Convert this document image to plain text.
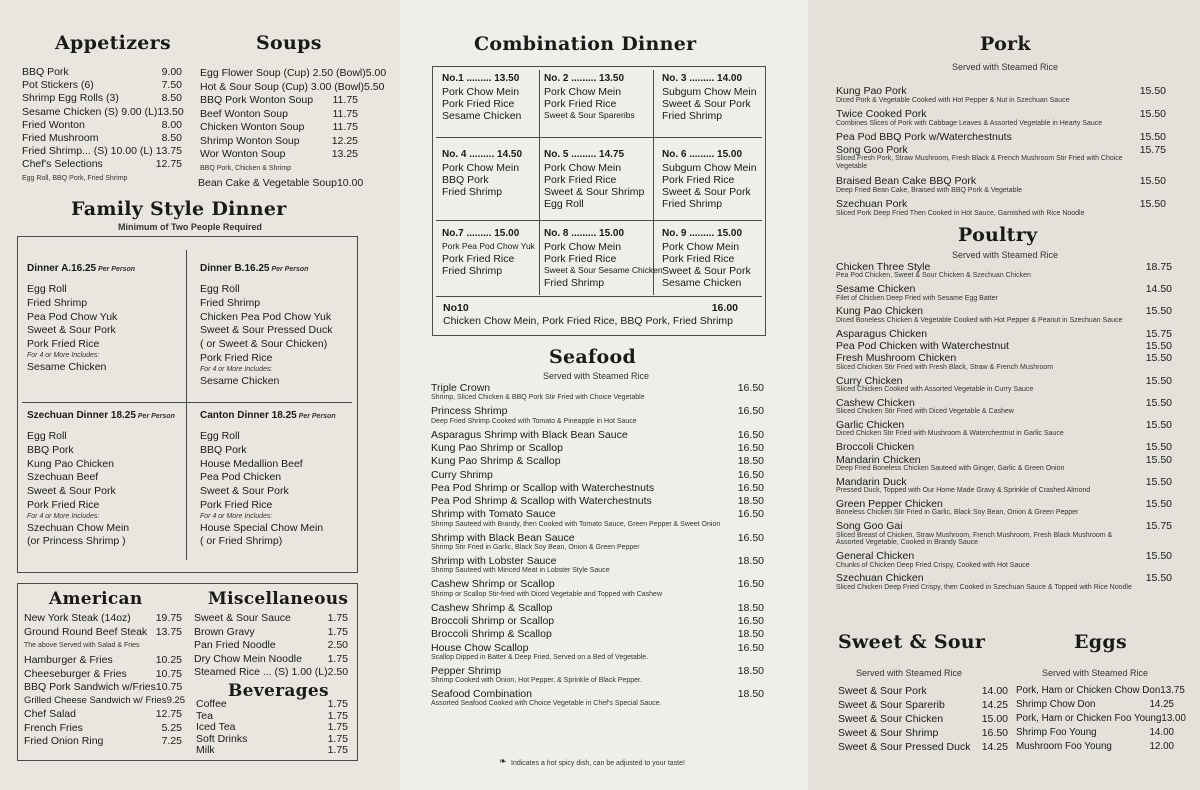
Appetizers	Soups
BBQ Pork	9.00
Pot Stickers (6)	7.50
Shrimp Egg Rolls (3)	8.50
Sesame Chicken (S) 9.00 (L) 13.50
Fried Wonton	8.00
Fried Mushroom	8.50
Fried Shrimp... (S) 10.00 (L) 13.75
Chef's Selections	12.75
Egg Roll, BBQ Pork, Fried Shrimp
Egg Flower Soup (Cup) 2.50 (Bowl) 5.00
Hot & Sour Soup (Cup) 3.00 (Bowl) 5.50
BBQ Pork Wonton Soup 11.75
Beef Wonton Soup	11.75
Chicken Wonton Soup	11.75
Shrimp Wonton Soup	12.25
Wor Wonton Soup	13.25
BBQ Pork, Chicken & Shrimp
Bean Cake & Vegetable Soup 10.00
Family Style Dinner
Minimum of Two People Required
Dinner A.16.25 Per Person
Egg Roll
Fried Shrimp
Pea Pod Chow Yuk
Sweet & Sour Pork
Pork Fried Rice
For 4 or More Includes:
Sesame Chicken
Dinner B.16.25 Per Person
Egg Roll
Fried Shrimp
Chicken Pea Pod Chow Yuk
Sweet & Sour Pressed Duck
( or Sweet & Sour Chicken)
Pork Fried Rice
For 4 or More Includes:
Sesame Chicken
Szechuan Dinner 18.25 Per Person
Egg Roll
BBQ Pork
Kung Pao Chicken
Szechuan Beef
Sweet & Sour Pork
Pork Fried Rice
For 4 or More Includes:
Szechuan Chow Mein
(or Princess Shrimp )
Canton Dinner 18.25 Per Person
Egg Roll
BBQ Pork
House Medallion Beef
Pea Pod Chicken
Sweet & Sour Pork
Pork Fried Rice
For 4 or More Includes:
House Special Chow Mein
( or Fried Shrimp)
American	Miscellaneous
New York Steak (14oz) 19.75
Ground Round Beef Steak 13.75
The above Served with Salad & Fries
Hamburger & Fries	10.25
Cheeseburger & Fries	10.75
BBQ Pork Sandwich w/Fries 10.75
Grilled Cheese Sandwich w/ Fries 9.25
Chef Salad	12.75
French Fries	5.25
Fried Onion Ring	7.25
Sweet & Sour Sauce	1.75
Brown Gravy	1.75
Pan Fried Noodle	2.50
Dry Chow Mein Noodle 1.75
Steamed Rice ... (S) 1.00 (L) 2.50
Beverages
Coffee	1.75
Tea	1.75
Iced Tea	1.75
Soft Drinks	1.75
Milk	1.75
Combination Dinner
No.1 ......... 13.50
Pork Chow Mein
Pork Fried Rice
Sesame Chicken
No. 2 ......... 13.50
Pork Chow Mein
Pork Fried Rice
Sweet & Sour Spareribs
No. 3 ......... 14.00
Subgum Chow Mein
Sweet & Sour Pork
Fried Shrimp
No. 4 ......... 14.50
Pork Chow Mein
BBQ Pork
Fried Shrimp
No. 5 ......... 14.75
Pork Chow Mein
Pork Fried Rice
Sweet & Sour Shrimp
Egg Roll
No. 6 ......... 15.00
Subgum Chow Mein
Pork Fried Rice
Sweet & Sour Pork
Fried Shrimp
No.7 ......... 15.00
Pork Pea Pod Chow Yuk
Pork Fried Rice
Fried Shrimp
No. 8 ......... 15.00
Pork Chow Mein
Pork Fried Rice
Sweet & Sour Sesame Chicken
Fried Shrimp
No. 9 ......... 15.00
Pork Chow Mein
Pork Fried Rice
Sweet & Sour Pork
Sesame Chicken
No10	16.00
Chicken Chow Mein, Pork Fried Rice, BBQ Pork, Fried Shrimp
Seafood
Served with Steamed Rice
Triple Crown	16.50
Shrimp, Sliced Chicken & BBQ Pork Stir Fried with Choice Vegetable
Princess Shrimp	16.50
Deep Fried Shrimp Cooked with Tomato & Pineapple in Hot Sauce
Asparagus Shrimp with Black Bean Sauce	16.50
Kung Pao Shrimp or Scallop	16.50
Kung Pao Shrimp & Scallop	18.50
Curry Shrimp	16.50
Pea Pod Shrimp or Scallop with Waterchestnuts	16.50
Pea Pod Shrimp & Scallop with Waterchestnuts	18.50
Shrimp with Tomato Sauce	16.50
Shrimp Sauteed with Brandy, then Cooked with Tomato Sauce, Green Pepper & Sweet Onion
Shrimp with Black Bean Sauce	16.50
Shrimp Stir Fried in Garlic, Black Soy Bean, Onion & Green Pepper
Shrimp with Lobster Sauce	18.50
Shrimp Sauteed with Minced Meat in Lobster Style Sauce
Cashew Shrimp or Scallop	16.50
Shrimp or Scallop Stir-fried with Diced Vegetable and Topped with Cashew
Cashew Shrimp & Scallop	18.50
Broccoli Shrimp or Scallop	16.50
Broccoli Shrimp & Scallop	18.50
House Chow Scallop	16.50
Scallop Dipped in Batter & Deep Fried, Served on a Bed of Vegetable.
Pepper Shrimp	18.50
Shrimp Cooked with Onion, Hot Pepper, & Sprinkle of Black Pepper.
Seafood Combination	18.50
Assorted Seafood Cooked with Choice Vegetable in Chef's Special Sauce.
❧ Indicates a hot spicy dish, can be adjusted to your taste!
Pork
Served with Steamed Rice
Kung Pao Pork	15.50
Diced Pork & Vegetable Cooked with Hot Pepper & Nut in Szechuan Sauce
Twice Cooked Pork	15.50
Combines Slices of Pork with Cabbage Leaves & Assorted Vegetable in Hearty Sauce
Pea Pod BBQ Pork w/Waterchestnuts	15.50
Song Goo Pork	15.75
Sliced Fresh Pork, Straw Mushroom, Fresh Black & French Mushroom Stir Fried with Choice Vegetable
Braised Bean Cake BBQ Pork	15.50
Deep Fried Bean Cake, Braised with BBQ Pork & Vegetable
Szechuan Pork	15.50
Sliced Pork Deep Fried Then Cooked in Hot Sauce, Garnished with Rice Noodle
Poultry
Served with Steamed Rice
Chicken Three Style	18.75
Pea Pod Chicken, Sweet & Sour Chicken & Szechuan Chicken
Sesame Chicken	14.50
Filet of Chicken Deep Fried with Sesame Egg Batter
Kung Pao Chicken	15.50
Diced Boneless Chicken & Vegetable Cooked with Hot Pepper & Peanut in Szechuan Sauce
Asparagus Chicken	15.75
Pea Pod Chicken with Waterchestnut	15.50
Fresh Mushroom Chicken	15.50
Sliced Chicken Stir Fried with Fresh Black, Straw & French Mushroom
Curry Chicken	15.50
Sliced Chicken Cooked with Assorted Vegetable in Curry Sauce
Cashew Chicken	15.50
Sliced Chicken Stir Fried with Diced Vegetable & Cashew
Garlic Chicken	15.50
Diced Chicken Stir Fried with Mushroom & Waterchestnut in Garlic Sauce
Broccoli Chicken	15.50
Mandarin Chicken	15.50
Deep Fried Boneless Chicken Sauteed with Ginger, Garlic & Green Onion
Mandarin Duck	15.50
Pressed Duck, Topped with Our Home Made Gravy & Sprinkle of Crashed Almond
Green Pepper Chicken	15.50
Boneless Chicken Stir Fried in Garlic, Black Soy Bean, Onion & Green Pepper
Song Goo Gai	15.75
Sliced Breast of Chicken, Straw Mushroom, French Mushroom, Fresh Black Mushroom & Assorted Vegetable, Cooked in Brandy Sauce
General Chicken	15.50
Chunks of Chicken Deep Fried Crispy, Cooked with Hot Sauce
Szechuan Chicken	15.50
Sliced Chicken Deep Fried Crispy, then Cooked in Szechuan Sauce & Topped with Rice Noodle
Sweet & Sour
Served with Steamed Rice
Sweet & Sour Pork	14.00
Sweet & Sour Sparerib	14.25
Sweet & Sour Chicken	15.00
Sweet & Sour Shrimp	16.50
Sweet & Sour Pressed Duck 14.25
Eggs
Served with Steamed Rice
Pork, Ham or Chicken Chow Don 13.75
Shrimp Chow Don	14.25
Pork, Ham or Chicken Foo Young 13.00
Shrimp Foo Young	14.00
Mushroom Foo Young	12.00
